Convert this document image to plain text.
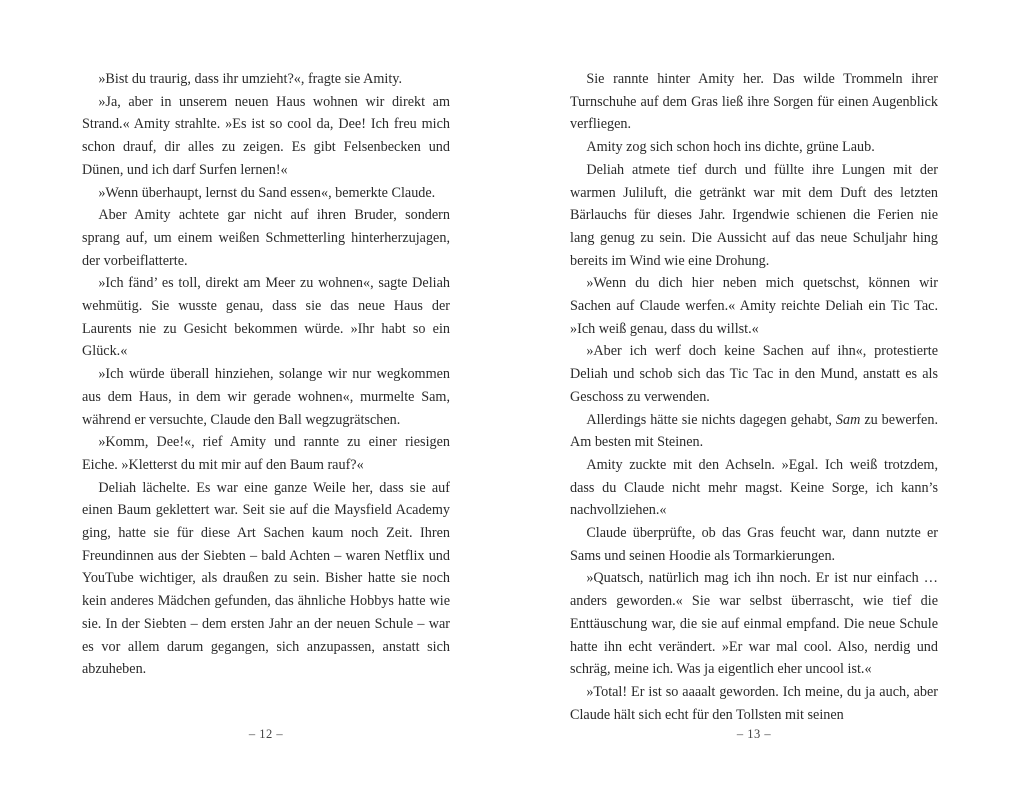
»Bist du traurig, dass ihr umzieht?«, fragte sie Amity.

»Ja, aber in unserem neuen Haus wohnen wir direkt am Strand.« Amity strahlte. »Es ist so cool da, Dee! Ich freu mich schon drauf, dir alles zu zeigen. Es gibt Felsenbecken und Dünen, und ich darf Surfen lernen!«

»Wenn überhaupt, lernst du Sand essen«, bemerkte Claude.

Aber Amity achtete gar nicht auf ihren Bruder, sondern sprang auf, um einem weißen Schmetterling hinterherzujagen, der vorbeiflatterte.

»Ich fänd’ es toll, direkt am Meer zu wohnen«, sagte Deliah wehmütig. Sie wusste genau, dass sie das neue Haus der Laurents nie zu Gesicht bekommen würde. »Ihr habt so ein Glück.«

»Ich würde überall hinziehen, solange wir nur wegkommen aus dem Haus, in dem wir gerade wohnen«, murmelte Sam, während er versuchte, Claude den Ball wegzugrätschen.

»Komm, Dee!«, rief Amity und rannte zu einer riesigen Eiche. »Kletterst du mit mir auf den Baum rauf?«

Deliah lächelte. Es war eine ganze Weile her, dass sie auf einen Baum geklettert war. Seit sie auf die Maysfield Academy ging, hatte sie für diese Art Sachen kaum noch Zeit. Ihren Freundinnen aus der Siebten – bald Achten – waren Netflix und YouTube wichtiger, als draußen zu sein. Bisher hatte sie noch kein anderes Mädchen gefunden, das ähnliche Hobbys hatte wie sie. In der Siebten – dem ersten Jahr an der neuen Schule – war es vor allem darum gegangen, sich anzupassen, anstatt sich abzuheben.

Sie rannte hinter Amity her. Das wilde Trommeln ihrer Turnschuhe auf dem Gras ließ ihre Sorgen für einen Augenblick verfliegen.

Amity zog sich schon hoch ins dichte, grüne Laub.

Deliah atmete tief durch und füllte ihre Lungen mit der warmen Juliluft, die getränkt war mit dem Duft des letzten Bärlauchs für dieses Jahr. Irgendwie schienen die Ferien nie lang genug zu sein. Die Aussicht auf das neue Schuljahr hing bereits im Wind wie eine Drohung.

»Wenn du dich hier neben mich quetschst, können wir Sachen auf Claude werfen.« Amity reichte Deliah ein Tic Tac. »Ich weiß genau, dass du willst.«

»Aber ich werf doch keine Sachen auf ihn«, protestierte Deliah und schob sich das Tic Tac in den Mund, anstatt es als Geschoss zu verwenden.

Allerdings hätte sie nichts dagegen gehabt, Sam zu bewerfen. Am besten mit Steinen.

Amity zuckte mit den Achseln. »Egal. Ich weiß trotzdem, dass du Claude nicht mehr magst. Keine Sorge, ich kann’s nachvollziehen.«

Claude überprüfte, ob das Gras feucht war, dann nutzte er Sams und seinen Hoodie als Tormarkierungen.

»Quatsch, natürlich mag ich ihn noch. Er ist nur einfach … anders geworden.« Sie war selbst überrascht, wie tief die Enttäuschung war, die sie auf einmal empfand. Die neue Schule hatte ihn echt verändert. »Er war mal cool. Also, nerdig und schräg, meine ich. Was ja eigentlich eher uncool ist.«

»Total! Er ist so aaaalt geworden. Ich meine, du ja auch, aber Claude hält sich echt für den Tollsten mit seinen

– 12 –	– 13 –
